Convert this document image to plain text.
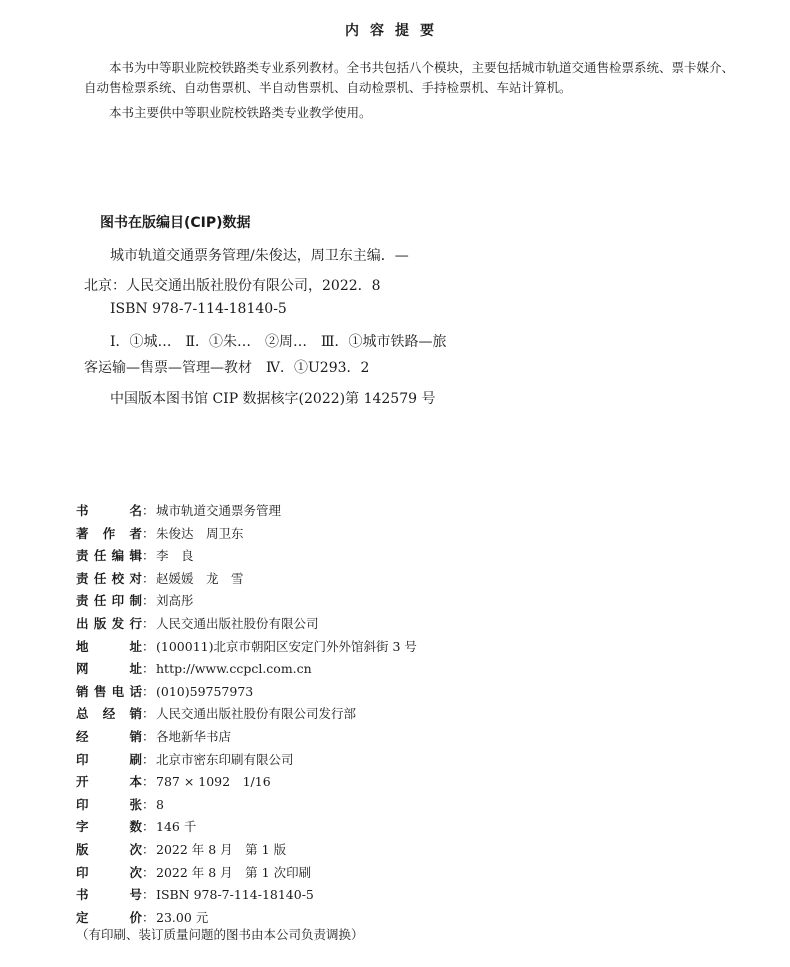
内容提要
本书为中等职业院校铁路类专业系列教材。全书共包括八个模块，主要包括城市轨道交通售检票系统、票卡媒介、自动售检票系统、自动售票机、半自动售票机、自动检票机、手持检票机、车站计算机。
本书主要供中等职业院校铁路类专业教学使用。
图书在版编目(CIP)数据
城市轨道交通票务管理/朱俊达，周卫东主编．—
北京：人民交通出版社股份有限公司，2022．8
ISBN 978-7-114-18140-5
Ⅰ．①城…　Ⅱ．①朱…　②周…　Ⅲ．①城市铁路—旅
客运输—售票—管理—教材　Ⅳ．①U293．2
中国版本图书馆 CIP 数据核字(2022)第 142579 号
书名：城市轨道交通票务管理
著作者：朱俊达　周卫东
责任编辑：李　良
责任校对：赵媛媛　龙　雪
责任印制：刘高彤
出版发行：人民交通出版社股份有限公司
地址：(100011)北京市朝阳区安定门外外馆斜街 3 号
网址：http://www.ccpcl.com.cn
销售电话：(010)59757973
总经销：人民交通出版社股份有限公司发行部
经销：各地新华书店
印刷：北京市密东印刷有限公司
开本：787 × 1092　1/16
印张：8
字数：146 千
版次：2022 年 8 月　第 1 版
印次：2022 年 8 月　第 1 次印刷
书号：ISBN 978-7-114-18140-5
定价：23.00 元
（有印刷、装订质量问题的图书由本公司负责调换）
